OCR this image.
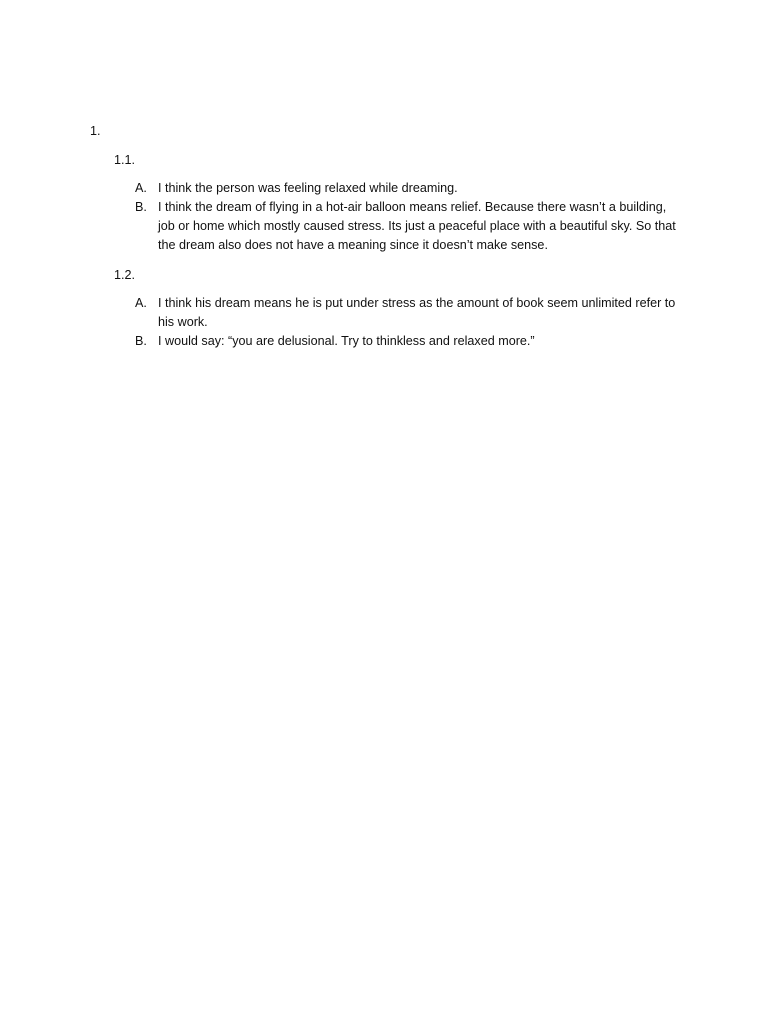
1.
1.1.
A. I think the person was feeling relaxed while dreaming.
B. I think the dream of flying in a hot-air balloon means relief. Because there wasn’t a building, job or home which mostly caused stress. Its just a peaceful place with a beautiful sky. So that the dream also does not have a meaning since it doesn’t make sense.
1.2.
A. I think his dream means he is put under stress as the amount of book seem unlimited refer to his work.
B. I would say: “you are delusional. Try to thinkless and relaxed more.”
